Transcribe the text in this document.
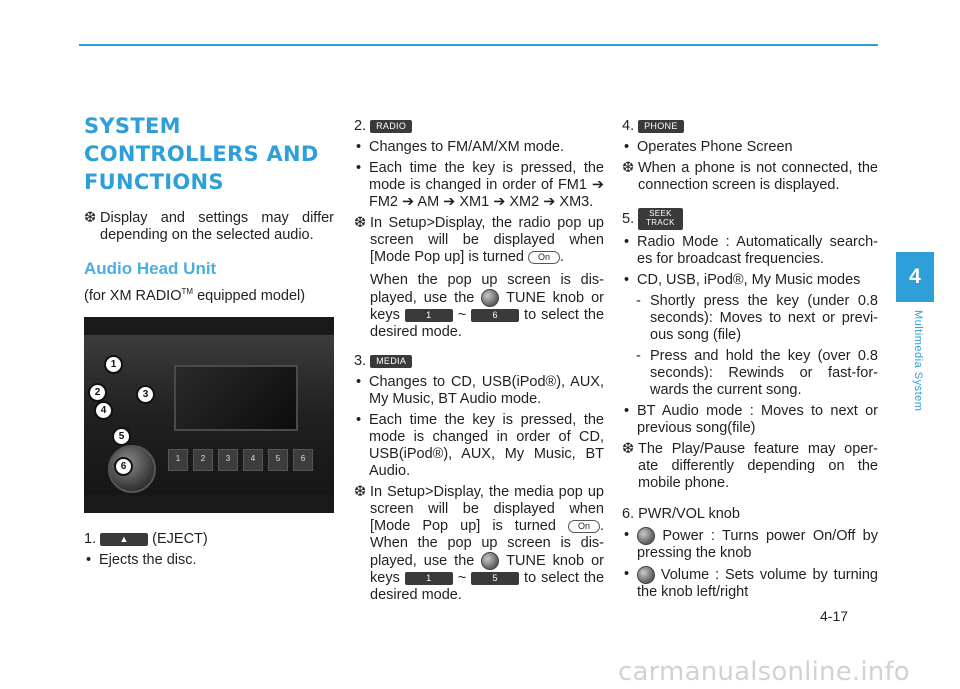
SYSTEM CONTROLLERS AND FUNCTIONS
❆ Display and settings may differ depending on the selected audio.
Audio Head Unit
(for XM RADIO™ equipped model)
1	2	3	4	5	6
1
2	3
4
5
6
1.	▲ (EJECT)
• Ejects the disc.
2. RADIO
• Changes to FM/AM/XM mode.
• Each time the key is pressed, the mode is changed in order of FM1 ➔ FM2 ➔ AM ➔ XM1 ➔ XM2 ➔ XM3.
❆ In Setup>Display, the radio pop up screen will be displayed when [Mode Pop up] is turned On .
When the pop up screen is dis- played, use the TUNE knob or keys	1 ~	6 to select the desired mode.
3. MEDIA
• Changes to CD, USB(iPod®), AUX, My Music, BT Audio mode.
• Each time the key is pressed, the mode is changed in order of CD, USB(iPod®), AUX, My Music, BT Audio.
❆ In Setup>Display, the media pop up screen will be displayed when [Mode Pop up] is turned On . When the pop up screen is dis- played, use the TUNE knob or keys	1 ~	5 to select the desired mode.
4. PHONE
• Operates Phone Screen
❆ When a phone is not connected, the connection screen is displayed.
5. SEEK
TRACK
• Radio Mode : Automatically search- es for broadcast frequencies.
• CD, USB, iPod®, My Music modes
- Shortly press the key (under 0.8 seconds): Moves to next or previ- ous song (file)
- Press and hold the key (over 0.8 seconds): Rewinds or fast-for- wards the current song.
• BT Audio mode : Moves to next or previous song(file)
❆ The Play/Pause feature may oper- ate differently depending on the mobile phone.
6. PWR/VOL knob
• Power : Turns power On/Off by pressing the knob
• Volume : Sets volume by turning the knob left/right
4
Multimedia System
4-17
carmanualsonline.info
